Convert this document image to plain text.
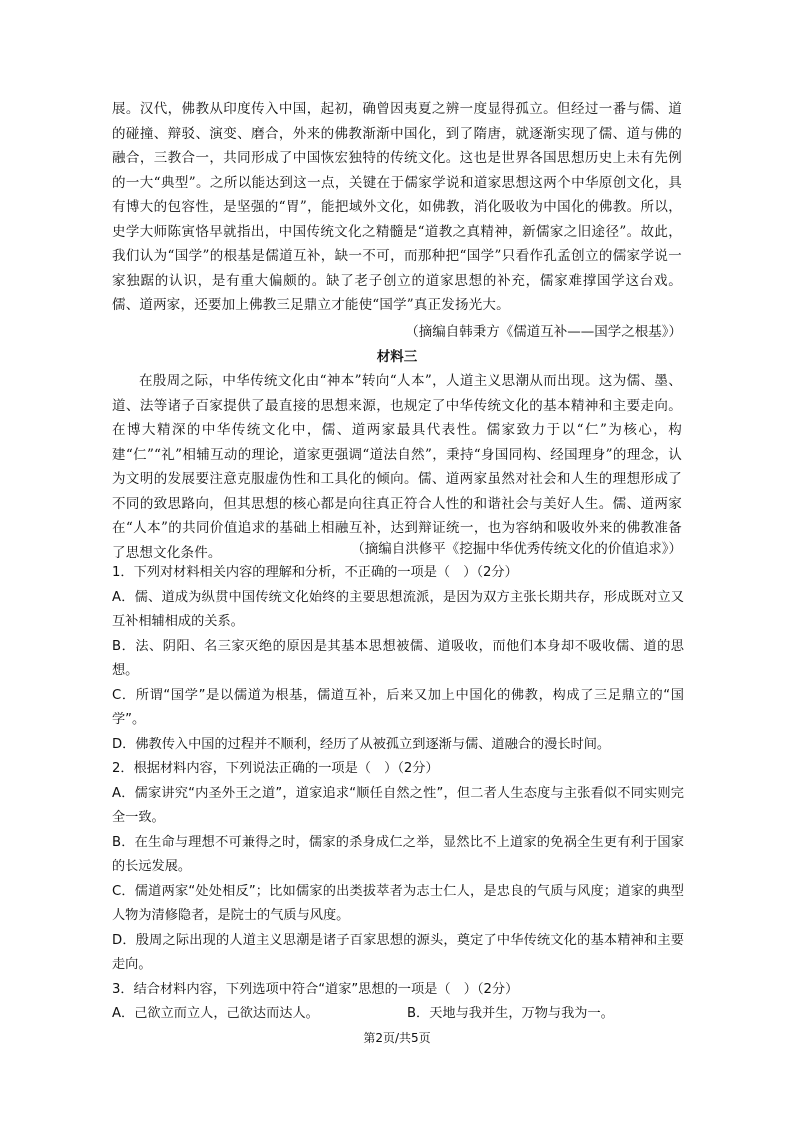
展。汉代，佛教从印度传入中国，起初，确曾因夷夏之辨一度显得孤立。但经过一番与儒、道的碰撞、辩驳、演变、磨合，外来的佛教渐渐中国化，到了隋唐，就逐渐实现了儒、道与佛的融合，三教合一，共同形成了中国恢宏独特的传统文化。这也是世界各国思想历史上未有先例的一大“典型”。之所以能达到这一点，关键在于儒家学说和道家思想这两个中华原创文化，具有博大的包容性，是坚强的“胃”，能把域外文化，如佛教，消化吸收为中国化的佛教。所以，史学大师陈寅恪早就指出，中国传统文化之精髓是“道教之真精神，新儒家之旧途径”。故此，我们认为“国学”的根基是儒道互补，缺一不可，而那种把“国学”只看作孔孟创立的儒家学说一家独踞的认识，是有重大偏颇的。缺了老子创立的道家思想的补充，儒家难撑国学这台戏。儒、道两家，还要加上佛教三足鼎立才能使“国学”真正发扬光大。

（摘编自韩秉方《儒道互补——国学之根基》）
材料三

在殷周之际，中华传统文化由“神本”转向“人本”，人道主义思潮从而出现。这为儒、墨、道、法等诸子百家提供了最直接的思想来源，也规定了中华传统文化的基本精神和主要走向。在博大精深的中华传统文化中，儒、道两家最具代表性。儒家致力于以“仁”为核心，构建“仁”“礼”相辅互动的理论，道家更强调“道法自然”，秉持“身国同构、经国理身”的理念，认为文明的发展要注意克服虚伪性和工具化的倾向。儒、道两家虽然对社会和人生的理想形成了不同的致思路向，但其思想的核心都是向往真正符合人性的和谐社会与美好人生。儒、道两家在“人本”的共同价值追求的基础上相融互补，达到辩证统一，也为容纳和吸收外来的佛教准备了思想文化条件。	（摘编自洪修平《挖掘中华优秀传统文化的价值追求》）

1．下列对材料相关内容的理解和分析，不正确的一项是（　）（2分）

A．儒、道成为纵贯中国传统文化始终的主要思想流派，是因为双方主张长期共存，形成既对立又互补相辅相成的关系。

B．法、阴阳、名三家灭绝的原因是其基本思想被儒、道吸收，而他们本身却不吸收儒、道的思想。

C．所谓“国学”是以儒道为根基，儒道互补，后来又加上中国化的佛教，构成了三足鼎立的“国学”。

D．佛教传入中国的过程并不顺利，经历了从被孤立到逐渐与儒、道融合的漫长时间。

2．根据材料内容，下列说法正确的一项是（　）（2分）

A．儒家讲究“内圣外王之道”，道家追求“顺任自然之性”，但二者人生态度与主张看似不同实则完全一致。

B．在生命与理想不可兼得之时，儒家的杀身成仁之举，显然比不上道家的免祸全生更有利于国家的长远发展。

C．儒道两家“处处相反”；比如儒家的出类拔萃者为志士仁人，是忠良的气质与风度；道家的典型人物为清修隐者，是院士的气质与风度。

D．殷周之际出现的人道主义思潮是诸子百家思想的源头，奠定了中华传统文化的基本精神和主要走向。

3．结合材料内容，下列选项中符合“道家”思想的一项是（　）（2分）

A．己欲立而立人，己欲达而达人。	B．天地与我并生，万物与我为一。
第2页/共5页
